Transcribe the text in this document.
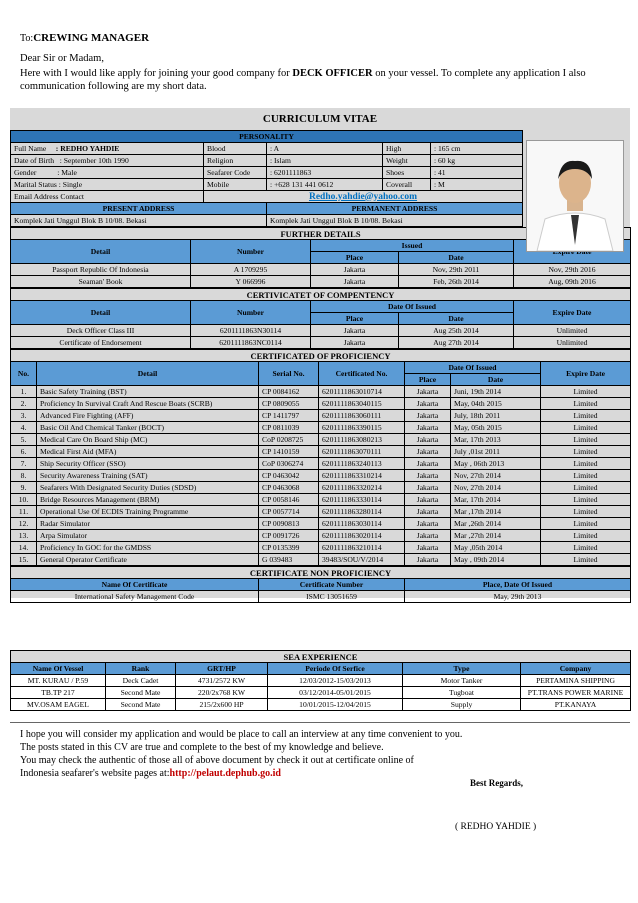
To:CREWING MANAGER
Dear Sir or Madam,
Here with I would like apply for joining your good company for DECK OFFICER on your vessel. To complete any application I also communication following are my short data.
CURRICULUM VITAE
PERSONALITY				
Full Name : REDHO YAHDIE	Blood	: A	High	: 165 cm
Date of Birth : September 10th 1990	Religion	: Islam	Weight	: 60 kg
Gender : Male	Seafarer Code	: 6201111863	Shoes	: 41
Marital Status : Single	Mobile	: +628 131 441 0612	Coverall	: M
Email Address Contact	Redho.yahdie@yahoo.com			
PRESENT ADDRESS		PERMANENT ADDRESS		
Komplek Jati Unggul Blok B 10/08. Bekasi		Komplek Jati Unggul Blok B 10/08. Bekasi		
FURTHER DETAILS				
Detail	Number	Issued	
		Place	Date	
Passport Republic Of Indonesia	A 1709295	Jakarta	Nov, 29th 2011	Nov, 29th 2016
Seaman' Book	Y 066996	Jakarta	Feb, 26th 2014	Aug, 09th 2016
CERTIVICATET OF COMPENTENCY				
Detail	Number	Date Of Issued		Expire Date
		Place	Date	
Deck Officer Class III	6201111863N30114	Jakarta	Aug 25th 2014	Unlimited
Certificate of Endorsement	6201111863NC0114	Jakarta	Aug 27th 2014	Unlimited
CERTIFICATED OF PROFICIENCY						
No.	Detail	Serial No.	Certificated No.	Date Of Issued		Expire Date
				Place	Date	
1.	Basic Safety Training (BST)	CP 0084162	6201111863010714	Jakarta	Juni, 19th 2014	Limited
2.	Proficiency In Survival Craft And Rescue Boats (SCRB)	CP 0809055	6201111863040115	Jakarta	May, 04th 2015	Limited
3.	Advanced Fire Fighting (AFF)	CP 1411797	6201111863060111	Jakarta	July, 18th 2011	Limited
4.	Basic Oil And Chemical Tanker (BOCT)	CP 0811039	6201111863390115	Jakarta	May, 05th 2015	Limited
5.	Medical Care On Board Ship (MC)	CoP 0208725	6201111863080213	Jakarta	Mar, 17th 2013	Limited
6.	Medical First Aid (MFA)	CP 1410159	6201111863070111	Jakarta	July ,01st 2011	Limited
7.	Ship Security Officer (SSO)	CoP 0306274	6201111863240113	Jakarta	May , 06th 2013	Limited
8.	Security Awareness Training (SAT)	CP 0463042	6201111863310214	Jakarta	Nov, 27th 2014	Limited
9.	Seafarers With Designated Security Duties (SDSD)	CP 0463068	6201111863320214	Jakarta	Nov, 27th 2014	Limited
10.	Bridge Resources Management (BRM)	CP 0058146	6201111863330114	Jakarta	Mar, 17th 2014	Limited
11.	Operational Use Of ECDIS Training Programme	CP 0057714	6201111863280114	Jakarta	Mar ,17th 2014	Limited
12.	Radar Simulator	CP 0090813	6201111863030114	Jakarta	Mar ,26th 2014	Limited
13.	Arpa Simulator	CP 0091726	6201111863020114	Jakarta	Mar ,27th 2014	Limited
14.	Proficiency In GOC for the GMDSS	CP 0135399	6201111863210114	Jakarta	May ,05th 2014	Limited
15.	General Operator Certificate	G 039483	39483/SOU/V/2014	Jakarta	May , 09th 2014	Limited
CERTIFICATE NON PROFICIENCY		
Name Of Certificate	Certificate Number	Place, Date Of Issued
International Safety Management Code	ISMC 13051659	May, 29th 2013
SEA EXPERIENCE					
Name Of Vessel	Rank	GRT/HP	Periode Of Serfice	Type	Company
MT. KURAU / P.59	Deck Cadet	4731/2572 KW	12/03/2012-15/03/2013	Motor Tanker	PERTAMINA SHIPPING
TB.TP 217	Second Mate	220/2x768 KW	03/12/2014-05/01/2015	Tugboat	PT.TRANS POWER MARINE
MV.OSAM EAGEL	Second Mate	215/2x600 HP	10/01/2015-12/04/2015	Supply	PT.KANAYA
I hope you will consider my application and would be place to call an interview at any time convenient to you.
The posts stated in this CV are true and complete to the best of my knowledge and believe.
You may check the authentic of those all of above document by check it out at certificate online of
Indonesia seafarer's website pages at:http://pelaut.dephub.go.id
Best Regards,
( REDHO YAHDIE )
